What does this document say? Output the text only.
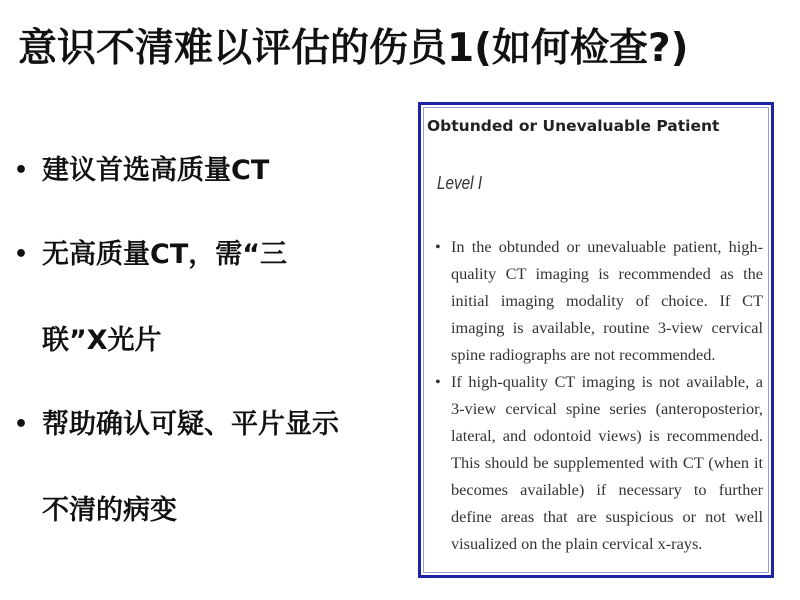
意识不清难以评估的伤员1(如何检查?)
• 建议首选高质量CT
• 无高质量CT，需“三
联”X光片
• 帮助确认可疑、平片显示
不清的病变
Obtunded or Unevaluable Patient
Level I
• In the obtunded or unevaluable patient, high-quality CT imaging is recommended as the initial imaging modality of choice. If CT imaging is available, routine 3-view cervical spine radiographs are not recommended.
• If high-quality CT imaging is not available, a 3-view cervical spine series (anteroposterior, lateral, and odontoid views) is recommended. This should be supplemented with CT (when it becomes available) if necessary to further define areas that are suspicious or not well visualized on the plain cervical x-rays.
